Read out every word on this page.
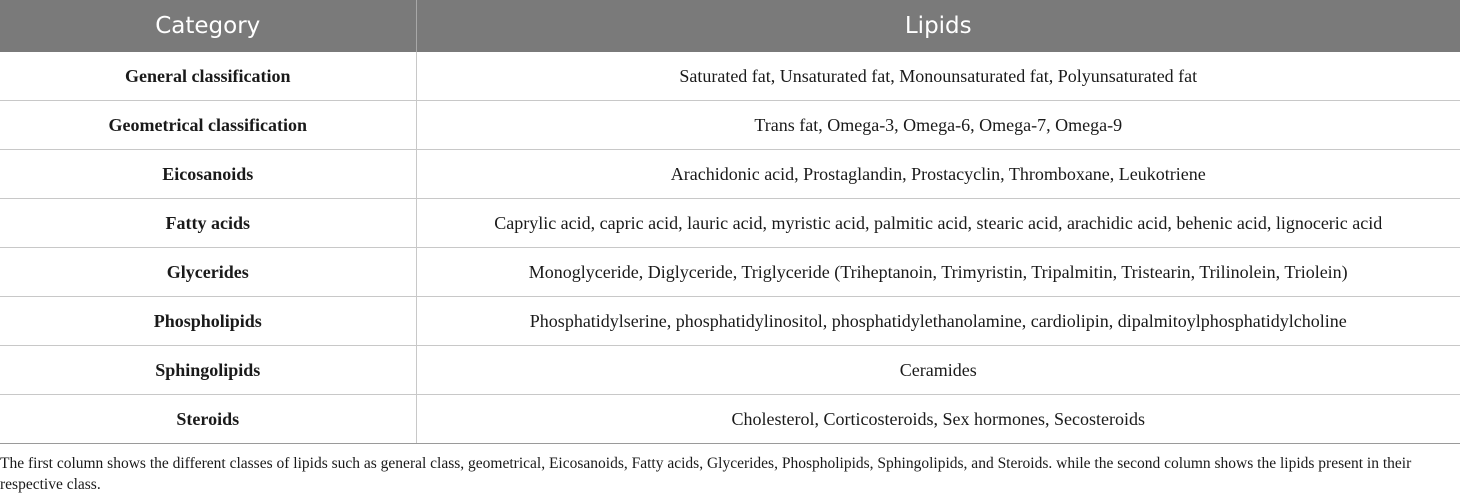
Category	Lipids
General classification	Saturated fat, Unsaturated fat, Monounsaturated fat, Polyunsaturated fat
Geometrical classification	Trans fat, Omega-3, Omega-6, Omega-7, Omega-9
Eicosanoids	Arachidonic acid, Prostaglandin, Prostacyclin, Thromboxane, Leukotriene
Fatty acids	Caprylic acid, capric acid, lauric acid, myristic acid, palmitic acid, stearic acid, arachidic acid, behenic acid, lignoceric acid
Glycerides	Monoglyceride, Diglyceride, Triglyceride (Triheptanoin, Trimyristin, Tripalmitin, Tristearin, Trilinolein, Triolein)
Phospholipids	Phosphatidylserine, phosphatidylinositol, phosphatidylethanolamine, cardiolipin, dipalmitoylphosphatidylcholine
Sphingolipids	Ceramides
Steroids	Cholesterol, Corticosteroids, Sex hormones, Secosteroids

The first column shows the different classes of lipids such as general class, geometrical, Eicosanoids, Fatty acids, Glycerides, Phospholipids, Sphingolipids, and Steroids. while the second column shows the lipids present in their respective class.
